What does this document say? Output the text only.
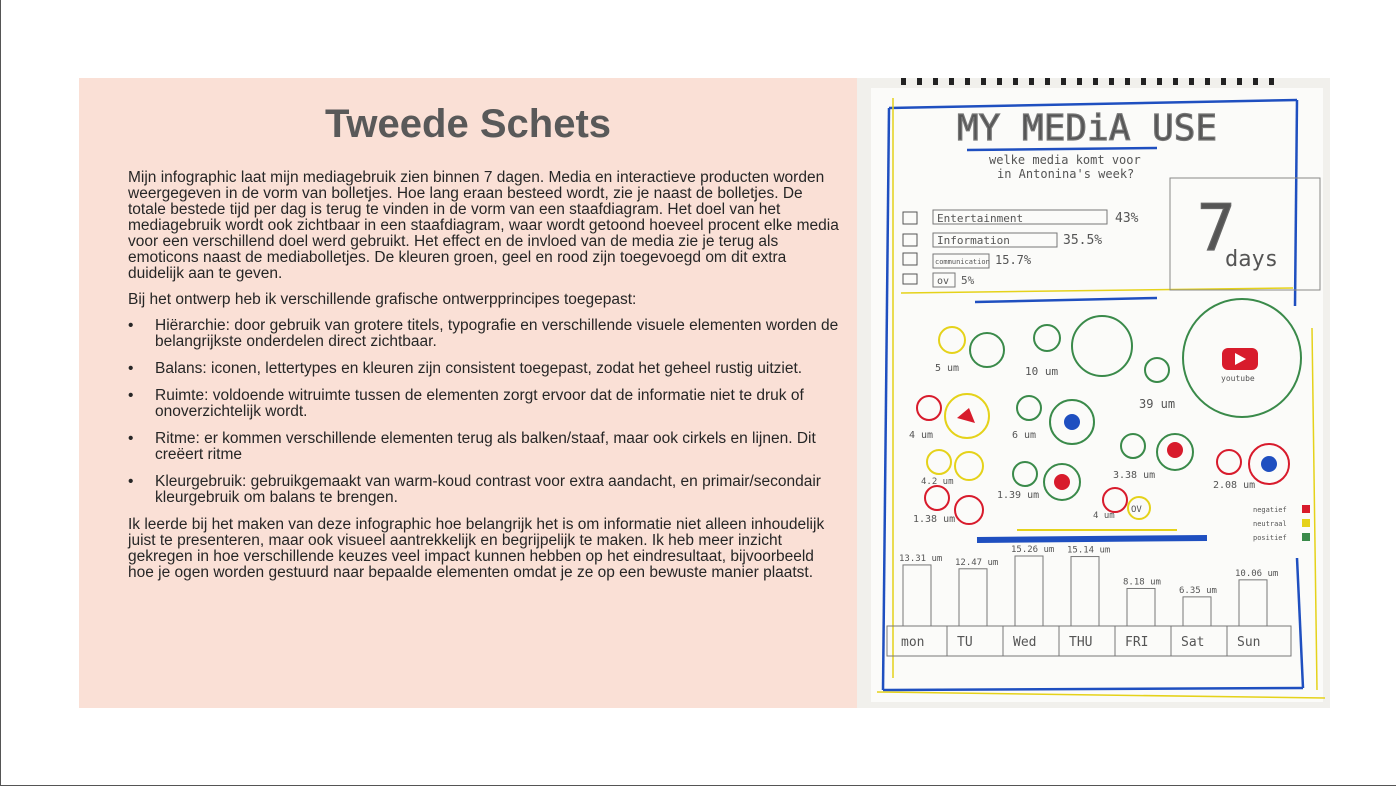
Tweede Schets

Mijn infographic laat mijn mediagebruik zien binnen 7 dagen. Media en interactieve producten worden weergegeven in de vorm van bolletjes. Hoe lang eraan besteed wordt, zie je naast de bolletjes. De totale bestede tijd per dag is terug te vinden in de vorm van een staafdiagram. Het doel van het mediagebruik wordt ook zichtbaar in een staafdiagram, waar wordt getoond hoeveel procent elke media voor een verschillend doel werd gebruikt. Het effect en de invloed van de media zie je terug als emoticons naast de mediabolletjes. De kleuren groen, geel en rood zijn toegevoegd om dit extra duidelijk aan te geven.

Bij het ontwerp heb ik verschillende grafische ontwerpprincipes toegepast:

• Hiërarchie: door gebruik van grotere titels, typografie en verschillende visuele elementen worden de belangrijkste onderdelen direct zichtbaar.
• Balans: iconen, lettertypes en kleuren zijn consistent toegepast, zodat het geheel rustig uitziet.
• Ruimte: voldoende witruimte tussen de elementen zorgt ervoor dat de informatie niet te druk of onoverzichtelijk wordt.
• Ritme: er kommen verschillende elementen terug als balken/staaf, maar ook cirkels en lijnen. Dit creëert ritme
• Kleurgebruik: gebruikgemaakt van warm-koud contrast voor extra aandacht, en primair/secondair kleurgebruik om balans te brengen.

Ik leerde bij het maken van deze infographic hoe belangrijk het is om informatie niet alleen inhoudelijk juist te presenteren, maar ook visueel aantrekkelijk en begrijpelijk te maken. Ik heb meer inzicht gekregen in hoe verschillende keuzes veel impact kunnen hebben op het eindresultaat, bijvoorbeeld hoe je ogen worden gestuurd naar bepaalde elementen omdat je ze op een bewuste manier plaatst.

MY MEDiA USE
welke media komt voor
in Antonina's week?
7
days
Entertainment	43%
Information	35.5%
communication 15.7%
ov 5%
5 um	10 um
youtube
39 um
4 um	6 um
4.2 um
1.39 um
3.38 um
2.08 um
1.38 um
OV
4 um
negatief
neutraal
positief
13.31 um
mon
12.47 um
TU
15.26 um
Wed
15.14 um
THU
8.18 um
FRI
6.35 um
Sat
10.06 um
Sun
